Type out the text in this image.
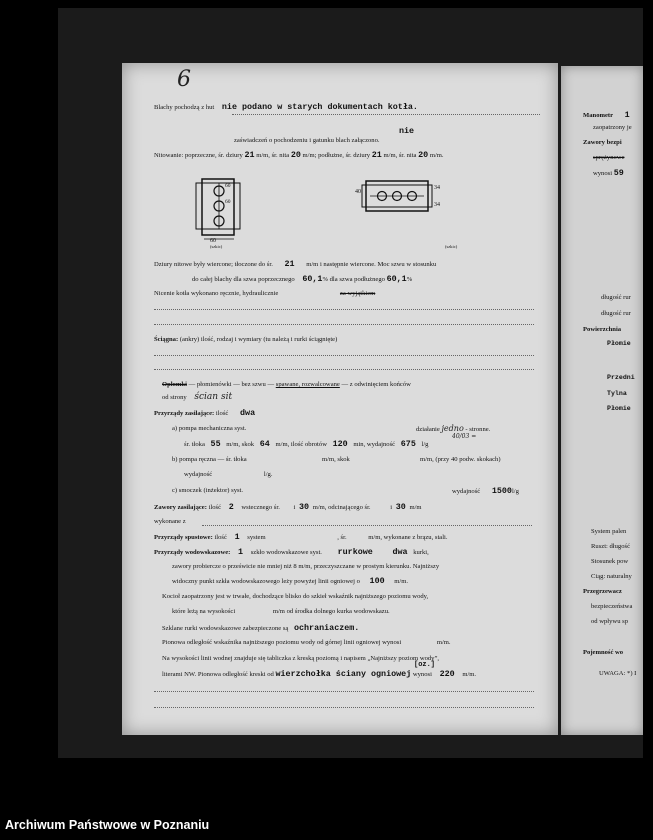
6
Blachy pochodzą z hut nie podano w starych dokumentach kotła.
nie
zaświadczeń o pochodzeniu i gatunku blach załączono.
Nitowanie: poprzeczne, śr. dziury 21 m/m, śr. nita 20 m/m; podłużne, śr. dziury 21 m/m, śr. nita 20 m/m.
60
60
60
(szkic)
34
34
40
(szkic)
Dziury nitowe były wiercone; tłoczone do śr. 21 m/m i następnie wiercone. Moc szwu w stosunku
do całej blachy dla szwa poprzecznego 60,1% dla szwa podłużnego 60,1%
Nicenie kotła wykonano ręcznie, hydraulicznie	za wyjątkiem
Ściągna: (ankry) ilość, rodzaj i wymiary (tu należą i rurki ściągnięte)
Opłomki — płomienówki — bez szwu — spawane, rozwalcowane — z odwinięciem końców
od strony ścian sit
Przyrządy zasilające: ilość dwa
a) pompa mechaniczna syst.	działanie jedno - stronne.
śr. tłoka 55 m/m, skok 64 m/m, ilość obrotów 120 min, wydajność 675 l/g
40/03 =
b) pompa ręczna — śr. tłoka	m/m, skok	m/m, (przy 40 podw. skokach)
wydajność	l/g.
c) smoczek (inżektor) syst.	wydajność 1500l/g
Zawory zasilające: ilość 2 wstecznego śr. i 30 m/m, odcinającego śr.	i 30 m/m
wykonane z
Przyrządy spustowe: ilość 1 system	, śr.	m/m, wykonane z brązu, stali.
Przyrządy wodowskazowe: 1 szkło wodowskazowe syst. rurkowe dwa kurki,
zawory probiercze o prześwicie nie mniej niż 8 m/m, przeczyszczane w prostym kierunku. Najniższy
widoczny punkt szkła wodowskazowego leży powyżej linii ogniowej o 100 m/m.
Kocioł zaopatrzony jest w trwałe, dochodzące blisko do szkieł wskaźnik najniższego poziomu wody,
które leżą na wysokości	m/m od środka dolnego kurka wodowskazu.
Szklane rurki wodowskazowe zabezpieczone są ochraniaczem.
Pionowa odległość wskaźnika najniższego poziomu wody od górnej linii ogniowej wynosi	m/m.
Na wysokości linii wodnej znajduje się tabliczka z kreską poziomą i napisem „Najniższy poziom wody”,
[oz.]
literami NW. Pionowa odległość kreski od wierzchołka ściany ogniowej wynosi 220 m/m.
Manometr 1
zaopatrzony je
Zawory bezpi
sprężynowe
wynosi 59
długość rur
długość rur
Powierzchnia
Płomie
Przedni
Tylna
Płomie
System palen
Ruszt: długość
Stosunek pow
Ciąg: naturalny
Przegrzewacz
bezpieczeństwa
od wpływu sp
Pojemność wo
UWAGA: *) I
Archiwum Państwowe w Poznaniu
